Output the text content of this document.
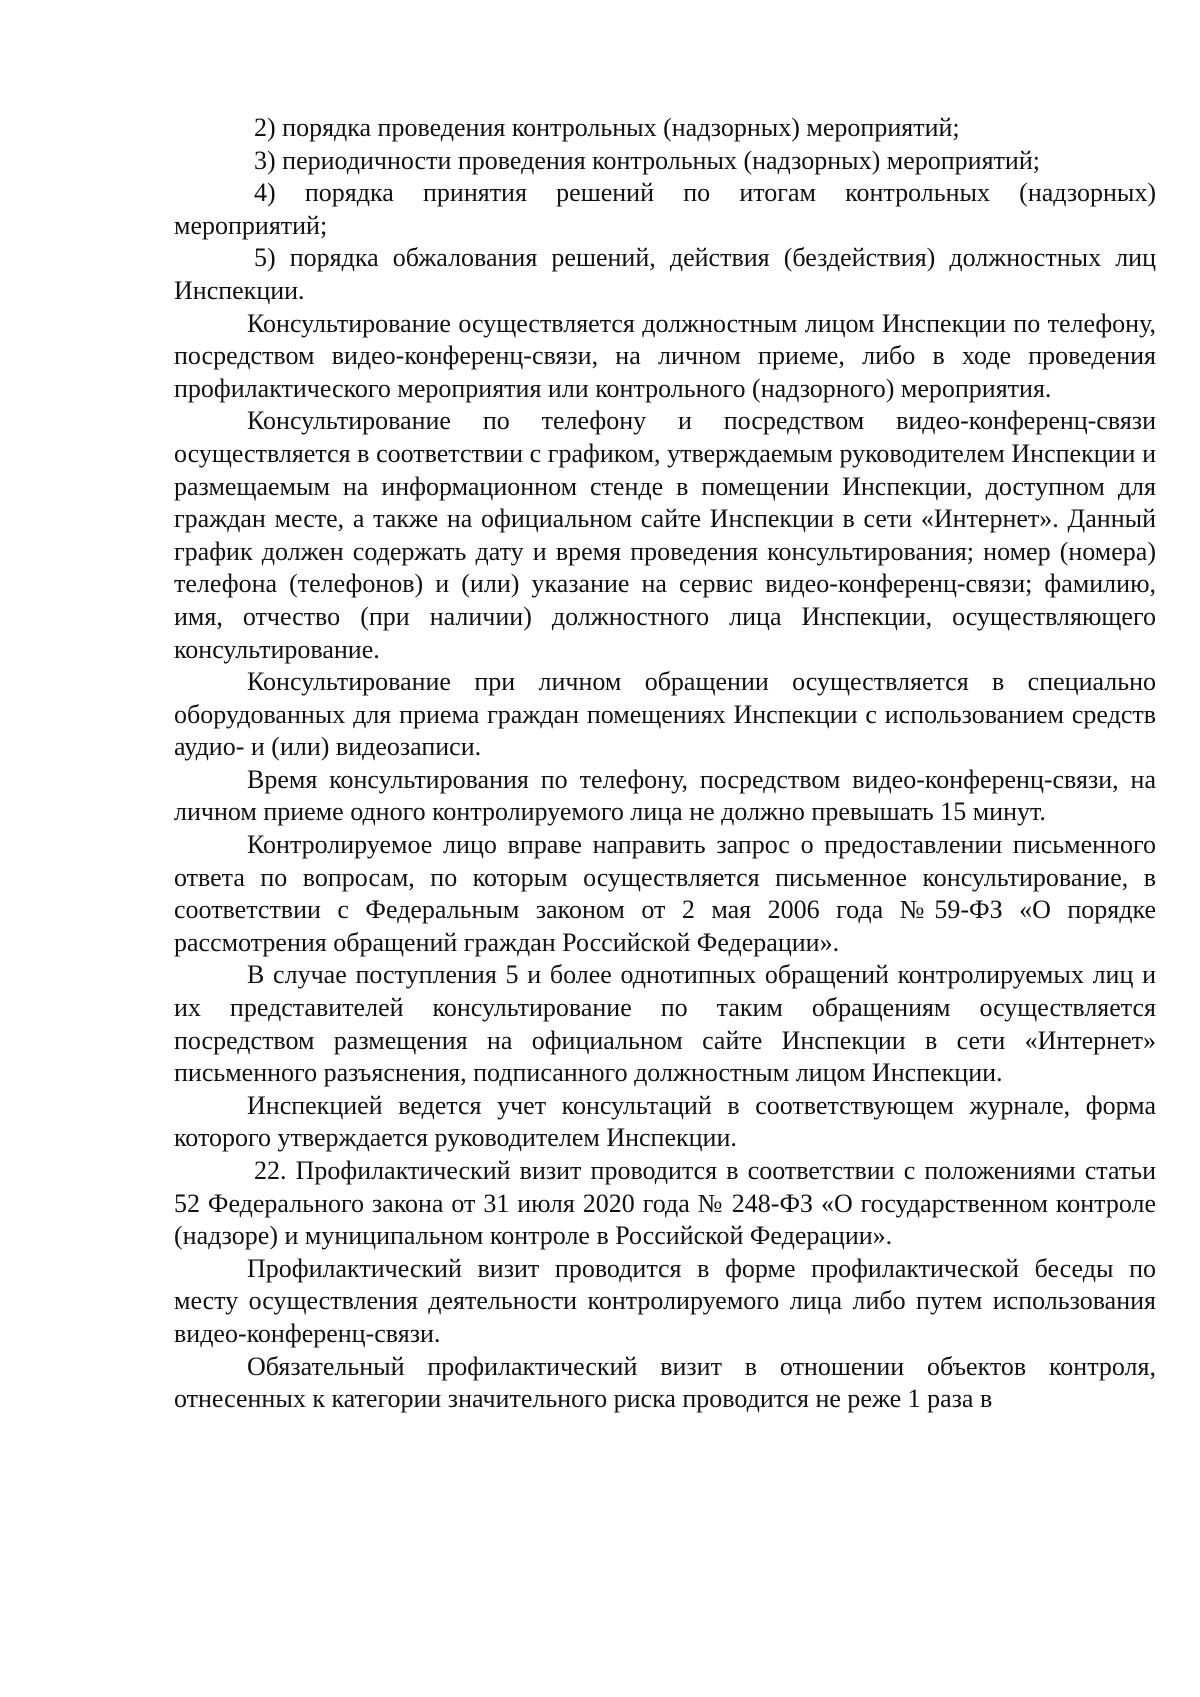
2) порядка проведения контрольных (надзорных) мероприятий;

3) периодичности проведения контрольных (надзорных) мероприятий;

4) порядка принятия решений по итогам контрольных (надзорных) мероприятий;

5) порядка обжалования решений, действия (бездействия) должностных лиц Инспекции.

Консультирование осуществляется должностным лицом Инспекции по телефону, посредством видео-конференц-связи, на личном приеме, либо в ходе проведения профилактического мероприятия или контрольного (надзорного) мероприятия.

Консультирование по телефону и посредством видео-конференц-связи осуществляется в соответствии с графиком, утверждаемым руководителем Инспекции и размещаемым на информационном стенде в помещении Инспекции, доступном для граждан месте, а также на официальном сайте Инспекции в сети «Интернет». Данный график должен содержать дату и время проведения консультирования; номер (номера) телефона (телефонов) и (или) указание на сервис видео-конференц-связи; фамилию, имя, отчество (при наличии) должностного лица Инспекции, осуществляющего консультирование.

Консультирование при личном обращении осуществляется в специально оборудованных для приема граждан помещениях Инспекции с использованием средств аудио- и (или) видеозаписи.

Время консультирования по телефону, посредством видео-конференц-связи, на личном приеме одного контролируемого лица не должно превышать 15 минут.

Контролируемое лицо вправе направить запрос о предоставлении письменного ответа по вопросам, по которым осуществляется письменное консультирование, в соответствии с Федеральным законом от 2 мая 2006 года №59-ФЗ «О порядке рассмотрения обращений граждан Российской Федерации».

В случае поступления 5 и более однотипных обращений контролируемых лиц и их представителей консультирование по таким обращениям осуществляется посредством размещения на официальном сайте Инспекции в сети «Интернет» письменного разъяснения, подписанного должностным лицом Инспекции.

Инспекцией ведется учет консультаций в соответствующем журнале, форма которого утверждается руководителем Инспекции.

22. Профилактический визит проводится в соответствии с положениями статьи 52 Федерального закона от 31 июля 2020 года № 248-ФЗ «О государственном контроле (надзоре) и муниципальном контроле в Российской Федерации».

Профилактический визит проводится в форме профилактической беседы по месту осуществления деятельности контролируемого лица либо путем использования видео-конференц-связи.

Обязательный профилактический визит в отношении объектов контроля, отнесенных к категории значительного риска проводится не реже 1 раза в
